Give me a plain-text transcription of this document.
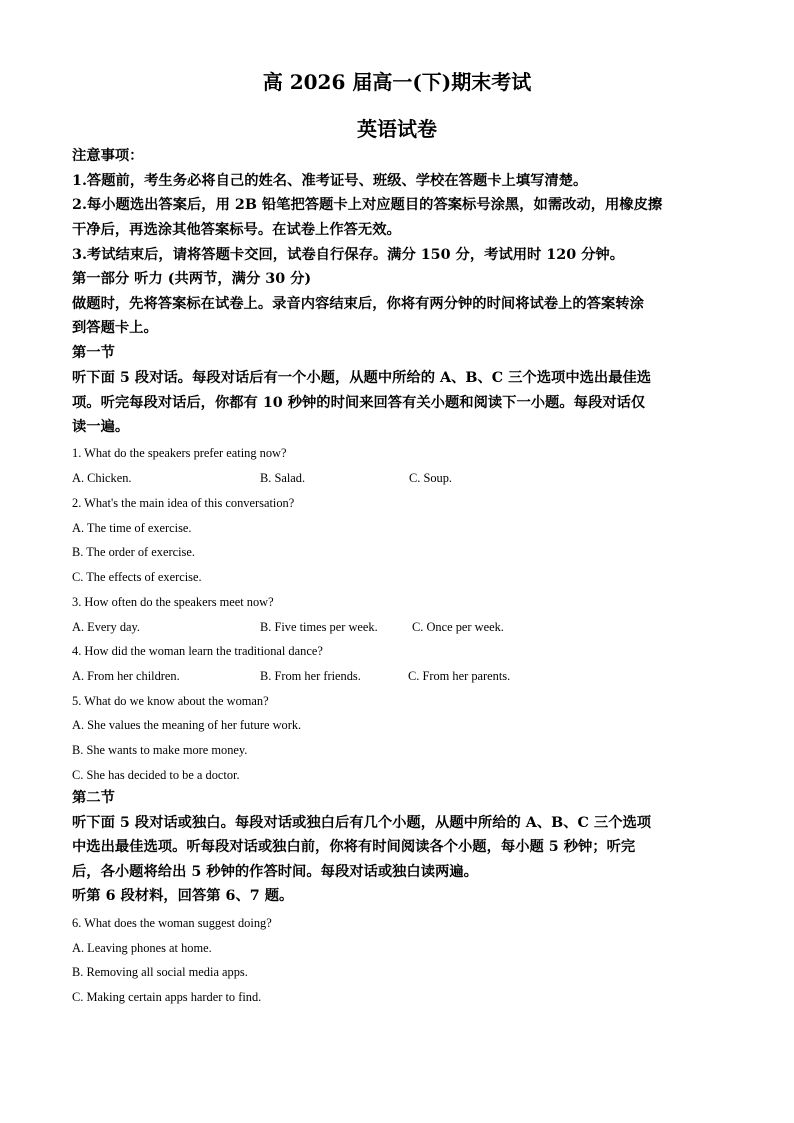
高 2026 届高一(下)期末考试
英语试卷
注意事项：
1.答题前，考生务必将自己的姓名、准考证号、班级、学校在答题卡上填写清楚。
2.每小题选出答案后，用 2B 铅笔把答题卡上对应题目的答案标号涂黑，如需改动，用橡皮擦
干净后，再选涂其他答案标号。在试卷上作答无效。
3.考试结束后，请将答题卡交回，试卷自行保存。满分 150 分，考试用时 120 分钟。
第一部分 听力 (共两节，满分 30 分)
做题时，先将答案标在试卷上。录音内容结束后，你将有两分钟的时间将试卷上的答案转涂
到答题卡上。
第一节
听下面 5 段对话。每段对话后有一个小题，从题中所给的 A、B、C 三个选项中选出最佳选
项。听完每段对话后，你都有 10 秒钟的时间来回答有关小题和阅读下一小题。每段对话仅
读一遍。
1. What do the speakers prefer eating now?
A. Chicken.	B. Salad.	C. Soup.
2. What's the main idea of this conversation?
A. The time of exercise.
B. The order of exercise.
C. The effects of exercise.
3. How often do the speakers meet now?
A. Every day.	B. Five times per week.	C. Once per week.
4. How did the woman learn the traditional dance?
A. From her children.	B. From her friends.	C. From her parents.
5. What do we know about the woman?
A. She values the meaning of her future work.
B. She wants to make more money.
C. She has decided to be a doctor.
第二节
听下面 5 段对话或独白。每段对话或独白后有几个小题，从题中所给的 A、B、C 三个选项
中选出最佳选项。听每段对话或独白前，你将有时间阅读各个小题，每小题 5 秒钟；听完
后，各小题将给出 5 秒钟的作答时间。每段对话或独白读两遍。
听第 6 段材料，回答第 6、7 题。
6. What does the woman suggest doing?
A. Leaving phones at home.
B. Removing all social media apps.
C. Making certain apps harder to find.
